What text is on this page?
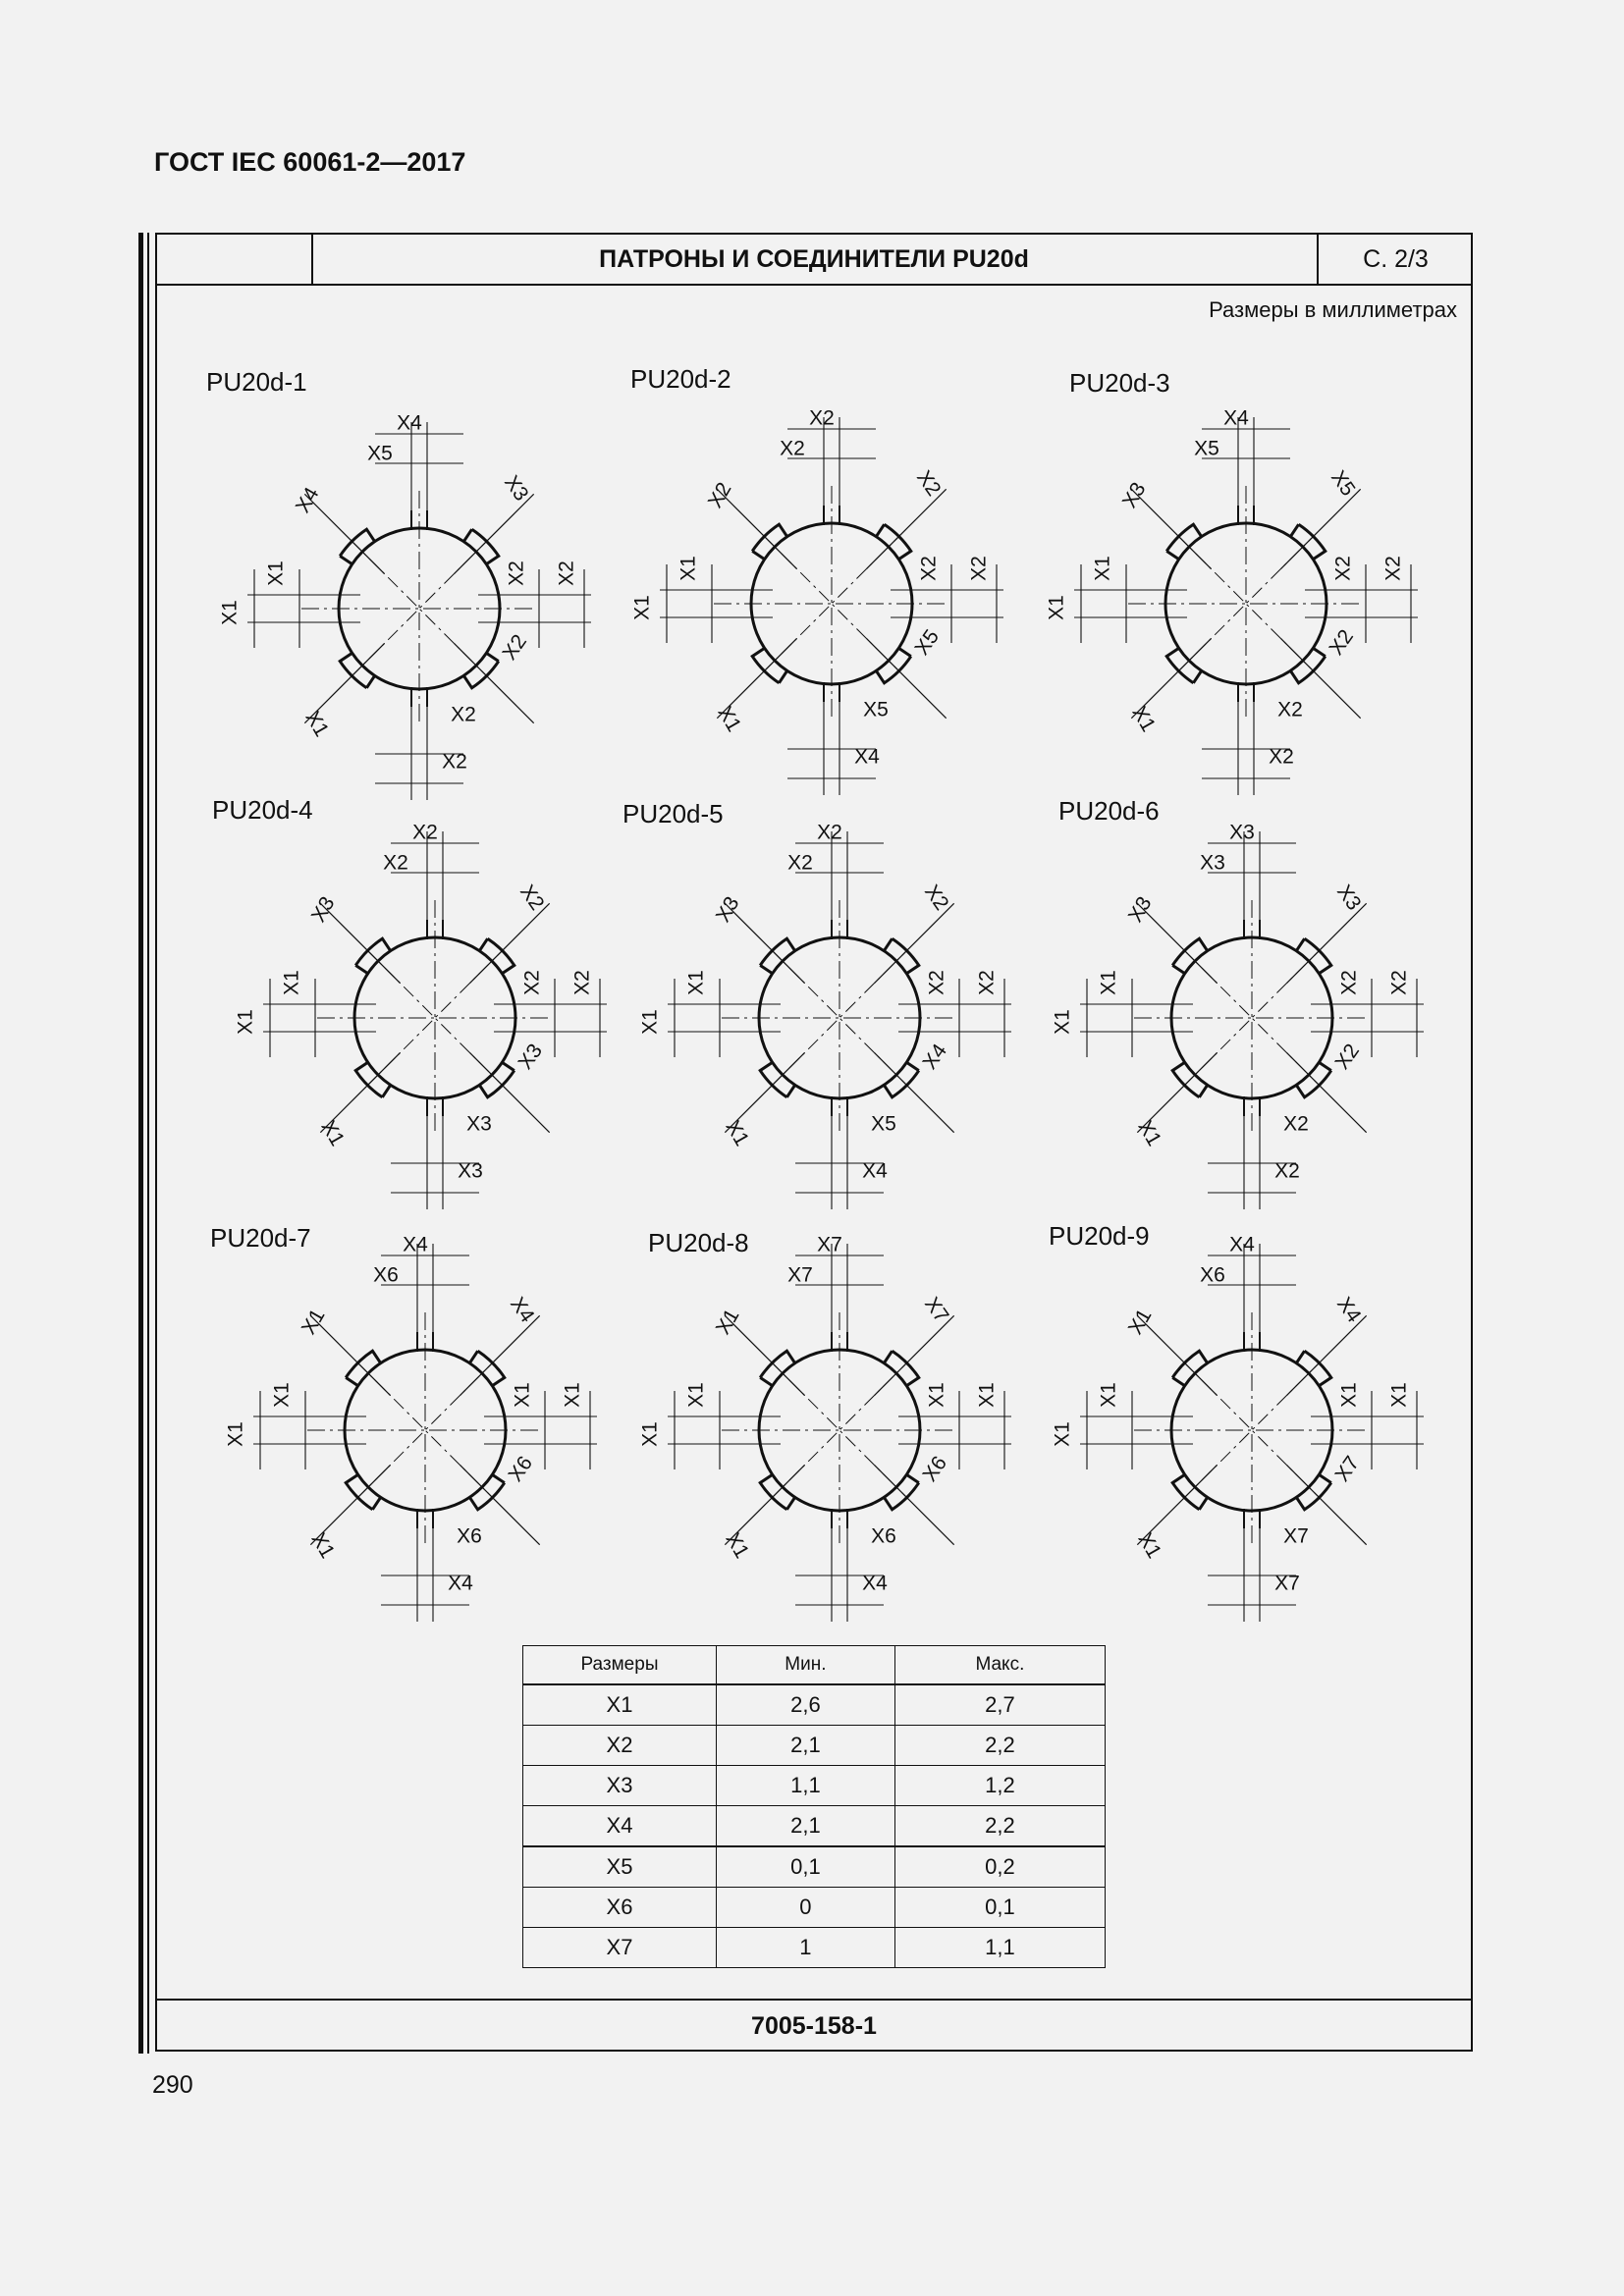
ГОСТ IEC 60061-2—2017
ПАТРОНЫ И СОЕДИНИТЕЛИ PU20d	С. 2/3
Размеры в миллиметрах
PU20d-1	PU20d-2	PU20d-3
PU20d-4	PU20d-5	PU20d-6
PU20d-7	PU20d-8	PU20d-9
Размеры	Мин.	Макс.
X1	2,6	2,7
X2	2,1	2,2
X3	1,1	1,2
X4	2,1	2,2
X5	0,1	0,2
X6	0	0,1
X7	1	1,1
7005-158-1
X4
X5
X3
X4
X1
X1
X2 X2
X2
X1	X2
X2
X2
X2
X2
X2
X1
X1
X2 X2
X5
X1	X5
X4
X4
X5
X5
X3
X1
X1
X2 X2
X2
X1	X2
X2
X2
X2
X2
X3
X1
X1
X2 X2
X3
X1	X3
X3
X2
X2
X2
X3
X1
X1
X2 X2
X4
X1	X5
X4
X3
X3
X3
X3
X1
X1
X2 X2
X2
X1	X2
X2
X4
X6
X4
X1
X1
X1
X1 X1
X6
X1	X6
X4
X7
X7
X7
X1
X1
X1
X1 X1
X6
X1	X6
X4
X4
X6
X4
X1
X1
X1
X1 X1
X7
X1	X7
X7
290
